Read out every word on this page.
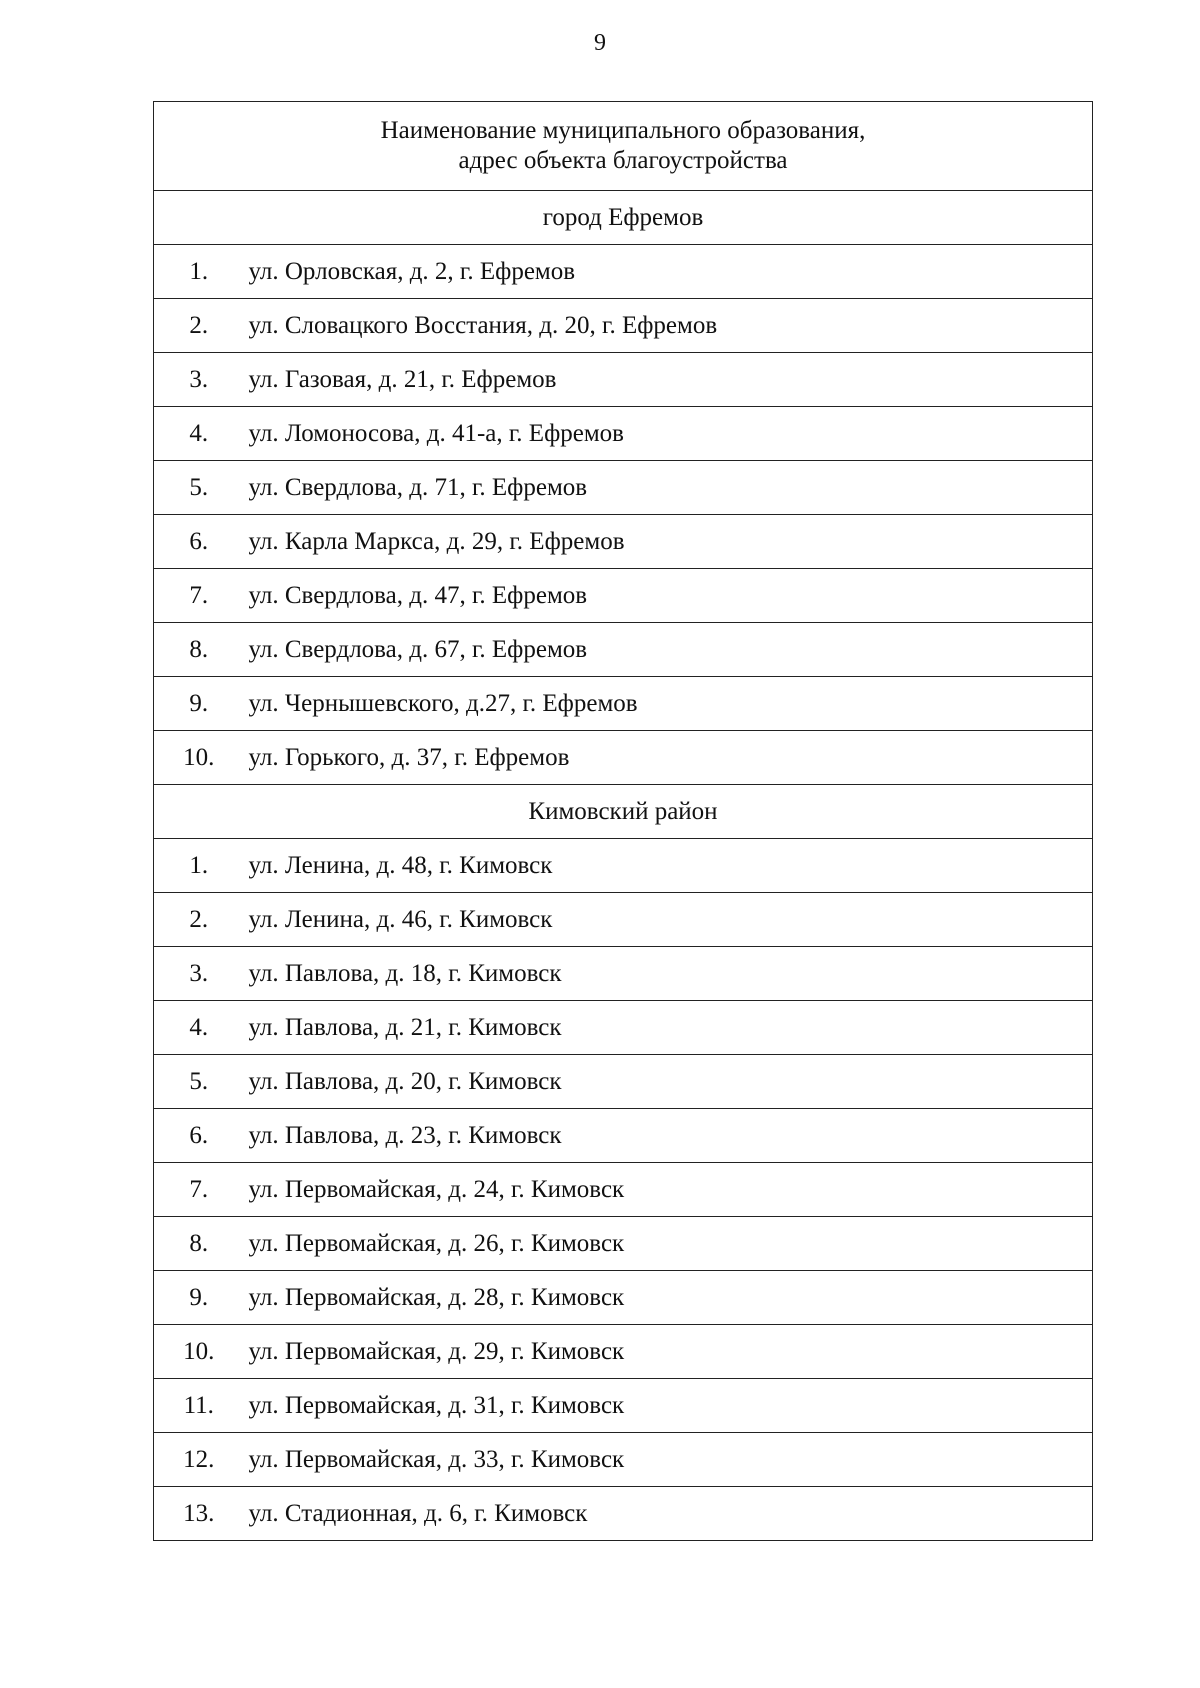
9
Наименование муниципального образования,
адрес объекта благоустройства	

город Ефремов	
1.	ул. Орловская, д. 2, г. Ефремов
2.	ул. Словацкого Восстания, д. 20, г. Ефремов
3.	ул. Газовая, д. 21, г. Ефремов
4.	ул. Ломоносова, д. 41-а, г. Ефремов
5.	ул. Свердлова, д. 71, г. Ефремов
6.	ул. Карла Маркса, д. 29, г. Ефремов
7.	ул. Свердлова, д. 47, г. Ефремов
8.	ул. Свердлова, д. 67, г. Ефремов
9.	ул. Чернышевского, д.27, г. Ефремов
10.	ул. Горького, д. 37, г. Ефремов
Кимовский район	
1.	ул. Ленина, д. 48, г. Кимовск
2.	ул. Ленина, д. 46, г. Кимовск
3.	ул. Павлова, д. 18, г. Кимовск
4.	ул. Павлова, д. 21, г. Кимовск
5.	ул. Павлова, д. 20, г. Кимовск
6.	ул. Павлова, д. 23, г. Кимовск
7.	ул. Первомайская, д. 24, г. Кимовск
8.	ул. Первомайская, д. 26, г. Кимовск
9.	ул. Первомайская, д. 28, г. Кимовск
10.	ул. Первомайская, д. 29, г. Кимовск
11.	ул. Первомайская, д. 31, г. Кимовск
12.	ул. Первомайская, д. 33, г. Кимовск
13.	ул. Стадионная, д. 6, г. Кимовск
